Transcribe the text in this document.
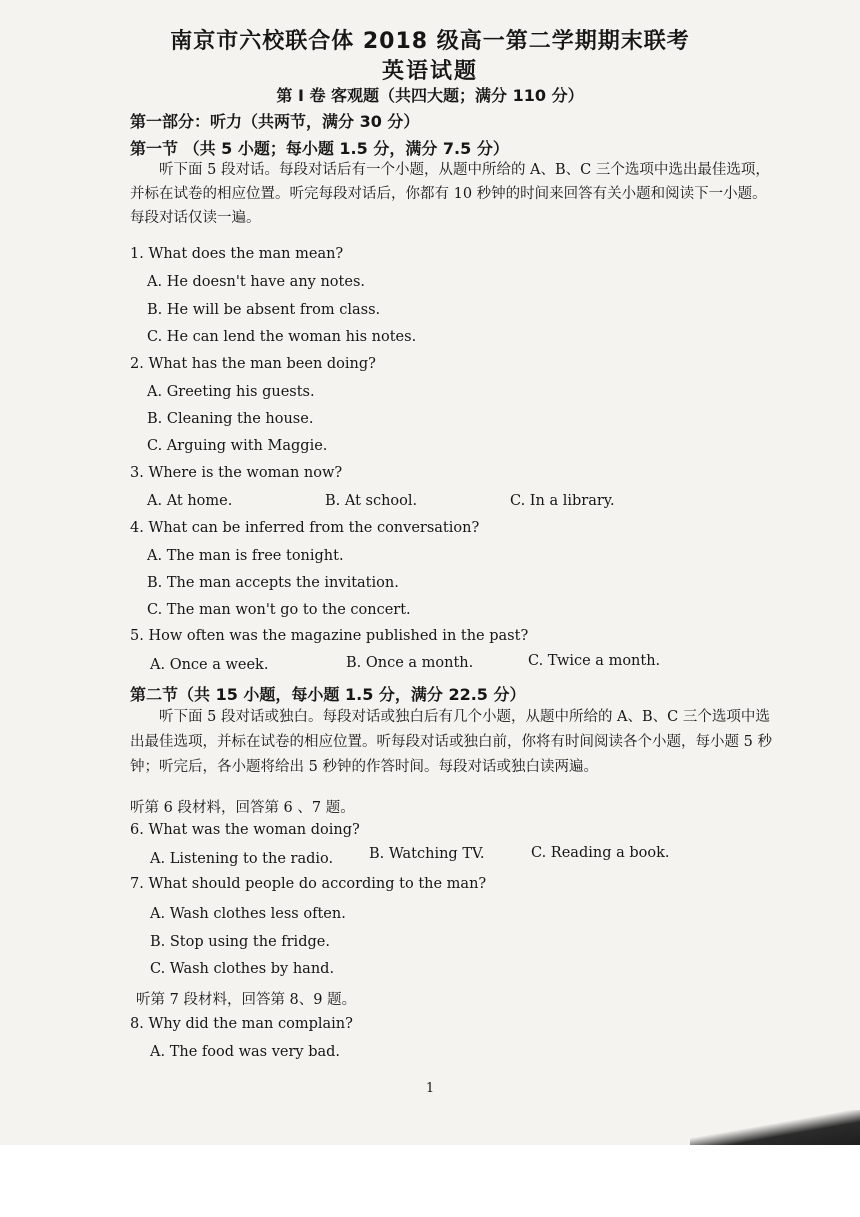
南京市六校联合体 2018 级高一第二学期期末联考
英语试题
第 I 卷 客观题（共四大题；满分 110 分）
第一部分：听力（共两节，满分 30 分）
第一节 （共 5 小题；每小题 1.5 分，满分 7.5 分）
听下面 5 段对话。每段对话后有一个小题，从题中所给的 A、B、C 三个选项中选出最佳选项，并标在试卷的相应位置。听完每段对话后，你都有 10 秒钟的时间来回答有关小题和阅读下一小题。每段对话仅读一遍。
1. What does the man mean?
A. He doesn't have any notes.
B. He will be absent from class.
C. He can lend the woman his notes.
2. What has the man been doing?
A. Greeting his guests.
B. Cleaning the house.
C. Arguing with Maggie.
3. Where is the woman now?
A. At home.	B. At school.	C. In a library.
4. What can be inferred from the conversation?
A. The man is free tonight.
B. The man accepts the invitation.
C. The man won't go to the concert.
5. How often was the magazine published in the past?
A. Once a week.	B. Once a month.	C. Twice a month.
第二节（共 15 小题，每小题 1.5 分，满分 22.5 分）
听下面 5 段对话或独白。每段对话或独白后有几个小题，从题中所给的 A、B、C 三个选项中选出最佳选项，并标在试卷的相应位置。听每段对话或独白前，你将有时间阅读各个小题，每小题 5 秒钟；听完后，各小题将给出 5 秒钟的作答时间。每段对话或独白读两遍。
听第 6 段材料，回答第 6 、7 题。
6. What was the woman doing?
A. Listening to the radio. B. Watching TV.	C. Reading a book.
7. What should people do according to the man?
A. Wash clothes less often.
B. Stop using the fridge.
C. Wash clothes by hand.
听第 7 段材料，回答第 8、9 题。
8. Why did the man complain?
A. The food was very bad.
1
